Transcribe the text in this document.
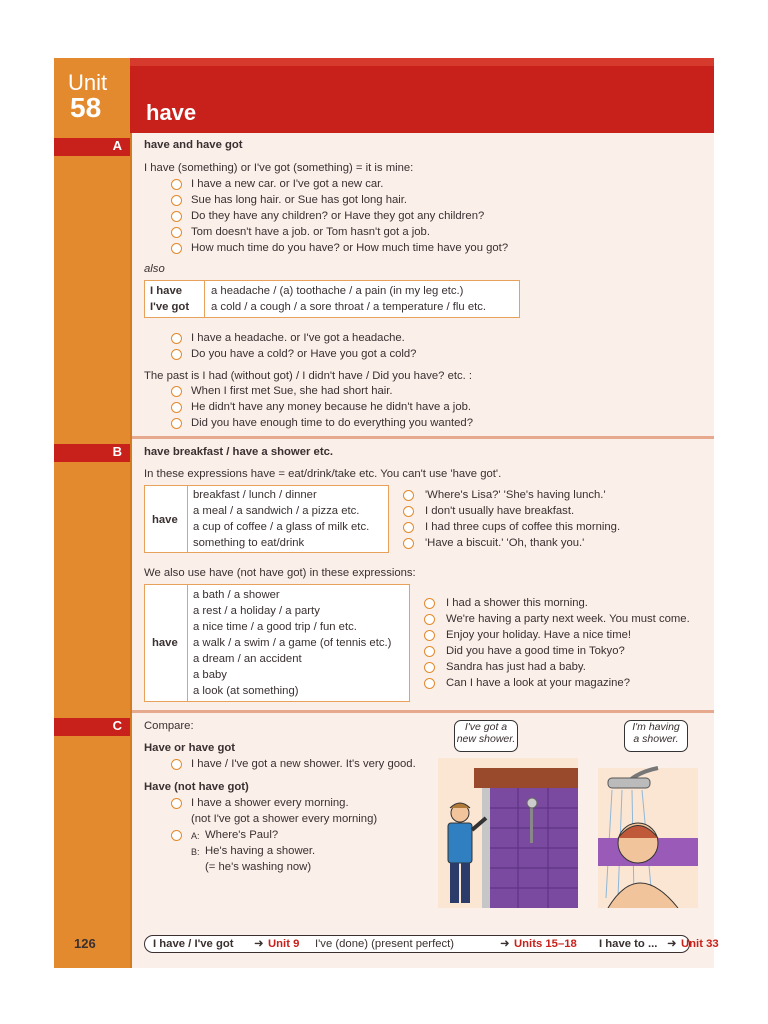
Unit
58 have
A have and have got
I have (something) or I've got (something) = it is mine:
I have a new car. or I've got a new car.
Sue has long hair. or Sue has got long hair.
Do they have any children? or Have they got any children?
Tom doesn't have a job. or Tom hasn't got a job.
How much time do you have? or How much time have you got?
also
I have
I've got
a headache / (a) toothache / a pain (in my leg etc.)
a cold / a cough / a sore throat / a temperature / flu etc.
I have a headache. or I've got a headache.
Do you have a cold? or Have you got a cold?
The past is I had (without got) / I didn't have / Did you have? etc. :
When I first met Sue, she had short hair.
He didn't have any money because he didn't have a job.
Did you have enough time to do everything you wanted?
B have breakfast / have a shower etc.
In these expressions have = eat/drink/take etc. You can't use 'have got'.
have
breakfast / lunch / dinner
a meal / a sandwich / a pizza etc.
a cup of coffee / a glass of milk etc.
something to eat/drink
'Where's Lisa?' 'She's having lunch.'
I don't usually have breakfast.
I had three cups of coffee this morning.
'Have a biscuit.' 'Oh, thank you.'
We also use have (not have got) in these expressions:
have
a bath / a shower
a rest / a holiday / a party
a nice time / a good trip / fun etc.
a walk / a swim / a game (of tennis etc.)
a dream / an accident
a baby
a look (at something)
I had a shower this morning.
We're having a party next week. You must come.
Enjoy your holiday. Have a nice time!
Did you have a good time in Tokyo?
Sandra has just had a baby.
Can I have a look at your magazine?
C Compare:
Have or have got
I have / I've got a new shower. It's very good.
Have (not have got)
I have a shower every morning.
(not I've got a shower every morning)
A: Where's Paul?
B: He's having a shower.
(= he's washing now)
I've got a
new shower.
I'm having
a shower.
126	I have / I've got ➜ Unit 9 I've (done) (present perfect)	➜ Units 15–18 I have to ... ➜ Unit 33
